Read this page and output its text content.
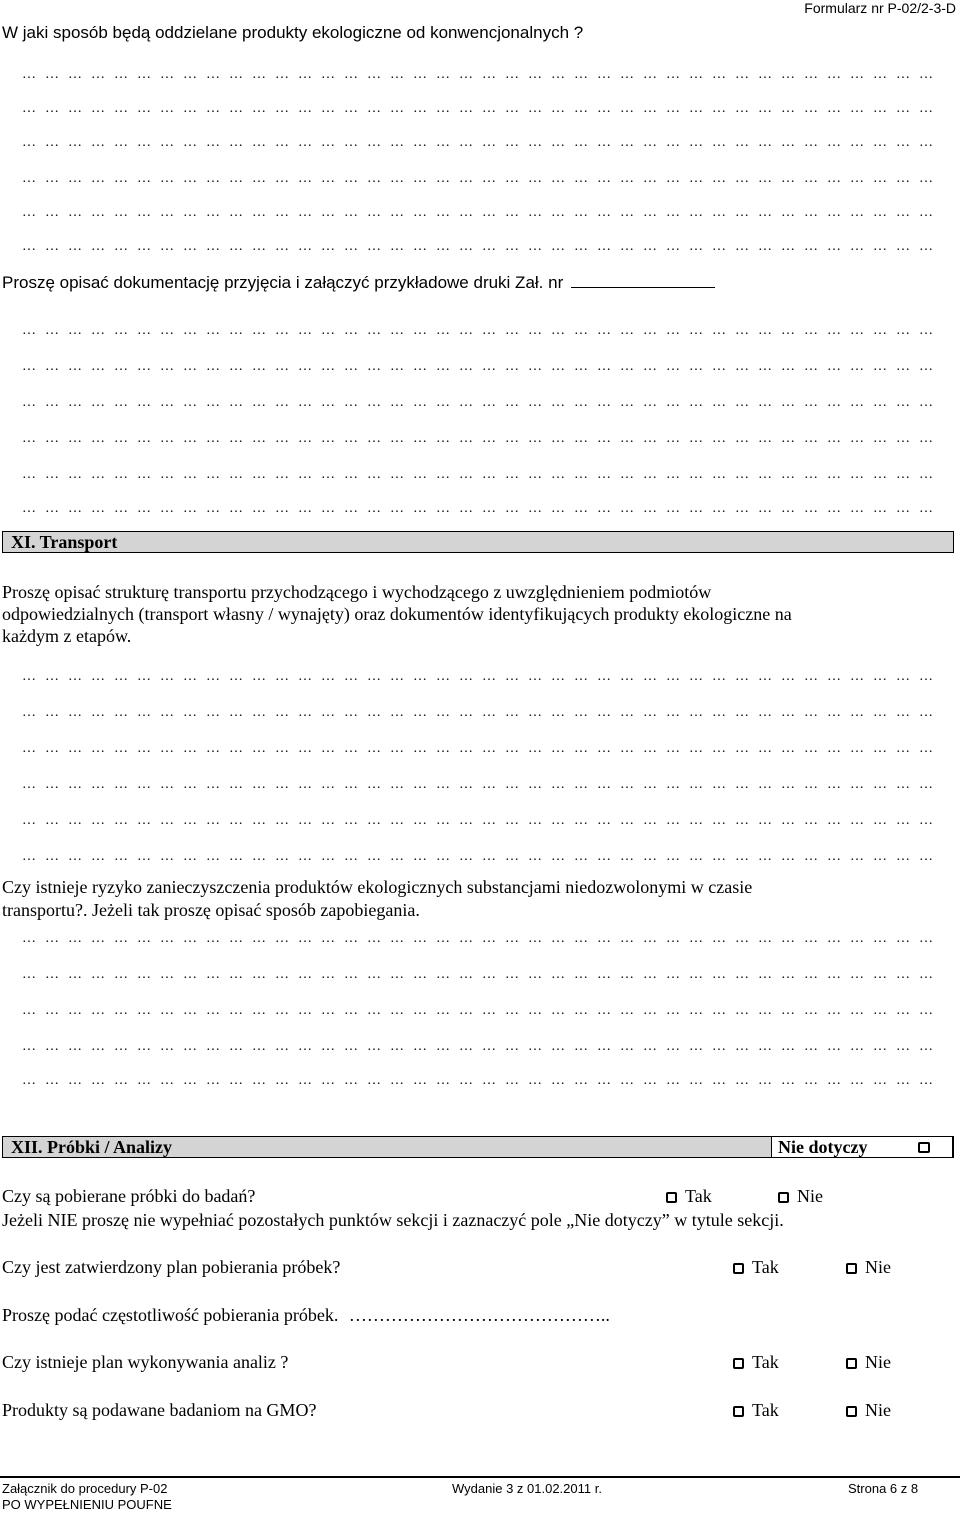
Formularz nr P-02/2-3-D
W jaki sposób będą oddzielane produkty ekologiczne od konwencjonalnych ?
…………………………………………………………………………………………………………
…………………………………………………………………………………………………………
…………………………………………………………………………………………………………
…………………………………………………………………………………………………………
…………………………………………………………………………………………………………
…………………………………………………………………………………………………………
Proszę opisać dokumentację przyjęcia i załączyć przykładowe druki Zał. nr
…………………………………………………………………………………………………………
…………………………………………………………………………………………………………
…………………………………………………………………………………………………………
…………………………………………………………………………………………………………
…………………………………………………………………………………………………………
…………………………………………………………………………………………………………
XI. Transport
Proszę opisać strukturę transportu przychodzącego i wychodzącego z uwzględnieniem podmiotów
odpowiedzialnych (transport własny / wynajęty) oraz dokumentów identyfikujących produkty ekologiczne na
każdym z etapów.
…………………………………………………………………………………………………………
…………………………………………………………………………………………………………
…………………………………………………………………………………………………………
…………………………………………………………………………………………………………
…………………………………………………………………………………………………………
…………………………………………………………………………………………………………
Czy istnieje ryzyko zanieczyszczenia produktów ekologicznych substancjami niedozwolonymi w czasie
transportu?. Jeżeli tak proszę opisać sposób zapobiegania.
…………………………………………………………………………………………………………
…………………………………………………………………………………………………………
…………………………………………………………………………………………………………
…………………………………………………………………………………………………………
…………………………………………………………………………………………………………
XII. Próbki / Analizy	Nie dotyczy
Czy są pobierane próbki do badań?	Tak	Nie
Jeżeli NIE proszę nie wypełniać pozostałych punktów sekcji i zaznaczyć pole „Nie dotyczy” w tytule sekcji.
Czy jest zatwierdzony plan pobierania próbek?	Tak	Nie
Proszę podać częstotliwość pobierania próbek. ……………………………………..
Czy istnieje plan wykonywania analiz ?	Tak	Nie
Produkty są podawane badaniom na GMO?	Tak	Nie
Załącznik do procedury P-02
PO WYPEŁNIENIU POUFNE
Wydanie 3 z 01.02.2011 r.	Strona 6 z 8
